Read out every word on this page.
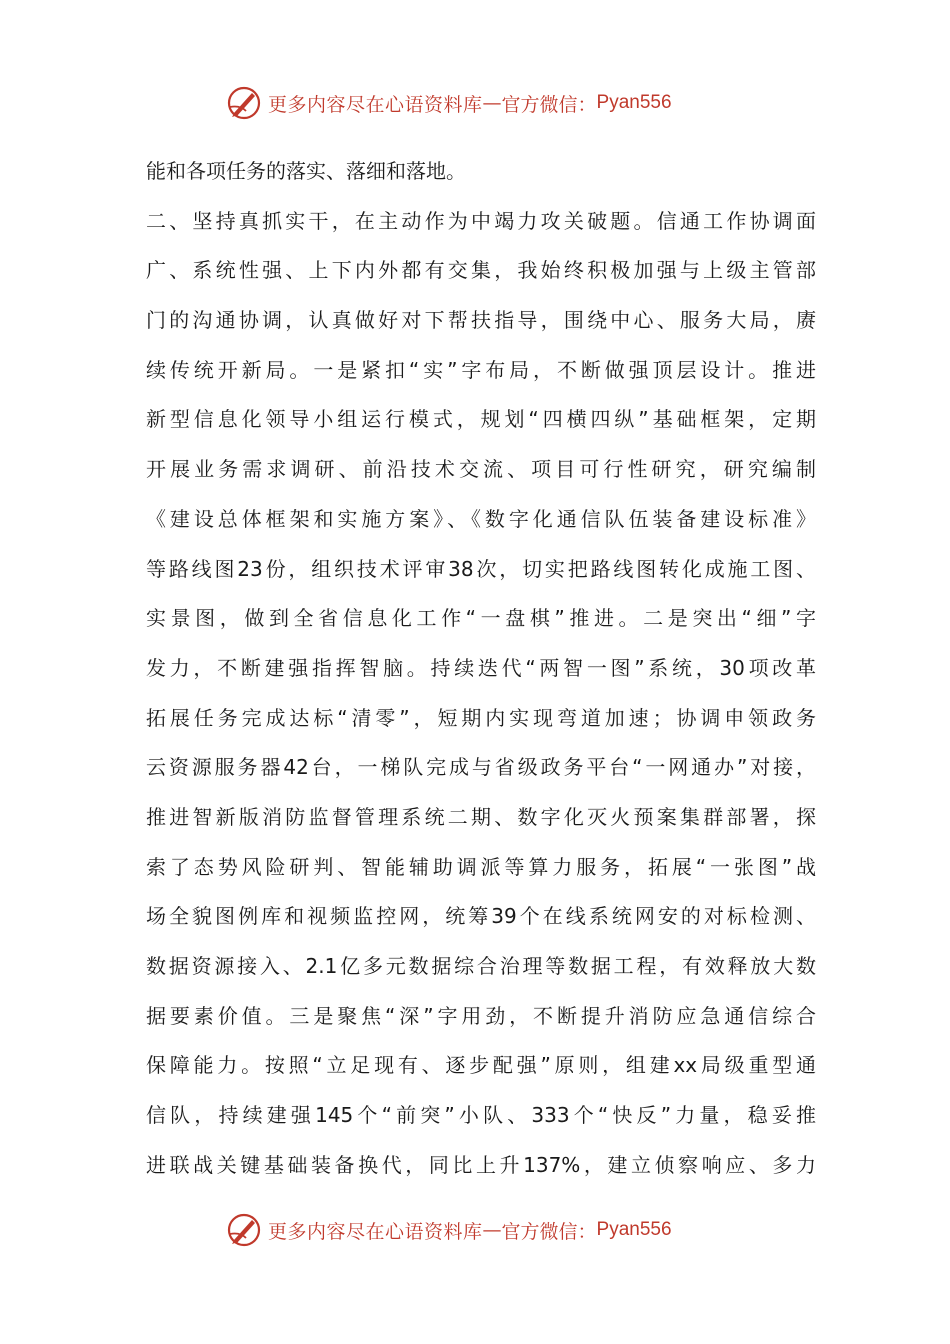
更多内容尽在心语资料库 — 官方微信： Pyan556
能和各项任务的落实、落细和落地。
二、坚持真抓实干，在主动作为中竭力攻关破题。信通工作协调面
广、系统性强、上下内外都有交集，我始终积极加强与上级主管部
门的沟通协调，认真做好对下帮扶指导，围绕中心、服务大局，赓
续传统开新局。一是紧扣“实”字布局，不断做强顶层设计。推进
新型信息化领导小组运行模式，规划“四横四纵”基础框架，定期
开展业务需求调研、前沿技术交流、项目可行性研究，研究编制
《建设总体框架和实施方案》、《数字化通信队伍装备建设标准》
等路线图23份，组织技术评审38次，切实把路线图转化成施工图、
实景图，做到全省信息化工作“一盘棋”推进。二是突出“细”字
发力，不断建强指挥智脑。持续迭代“两智一图”系统，30项改革
拓展任务完成达标“清零”，短期内实现弯道加速；协调申领政务
云资源服务器42台，一梯队完成与省级政务平台“一网通办”对接，
推进智新版消防监督管理系统二期、数字化灭火预案集群部署，探
索了态势风险研判、智能辅助调派等算力服务，拓展“一张图”战
场全貌图例库和视频监控网，统筹39个在线系统网安的对标检测、
数据资源接入、2.1亿多元数据综合治理等数据工程，有效释放大数
据要素价值。三是聚焦“深”字用劲，不断提升消防应急通信综合
保障能力。按照“立足现有、逐步配强”原则，组建xx局级重型通
信队，持续建强145个“前突”小队、333个“快反”力量，稳妥推
进联战关键基础装备换代，同比上升137%，建立侦察响应、多力
更多内容尽在心语资料库 — 官方微信： Pyan556
